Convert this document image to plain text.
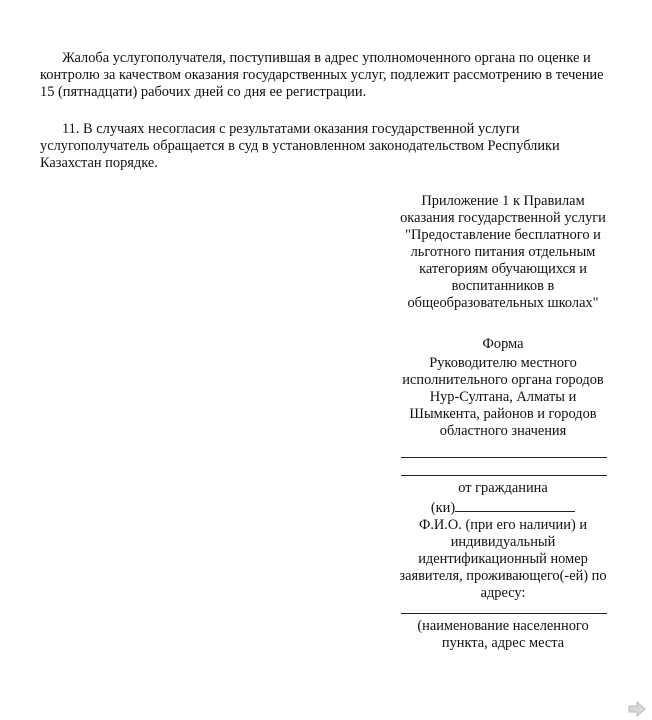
Жалоба услугополучателя, поступившая в адрес уполномоченного органа по оценке и контролю за качеством оказания государственных услуг, подлежит рассмотрению в течение 15 (пятнадцати) рабочих дней со дня ее регистрации.

11. В случаях несогласия с результатами оказания государственной услуги услугополучатель обращается в суд в установленном законодательством Республики Казахстан порядке.

Приложение 1 к Правилам оказания государственной услуги "Предоставление бесплатного и льготного питания отдельным категориям обучающихся и воспитанников в общеобразовательных школах"

Форма

Руководителю местного исполнительного органа городов Нур-Султана, Алматы и Шымкента, районов и городов областного значения

от гражданина
(ки)
Ф.И.О. (при его наличии) и индивидуальный идентификационный номер заявителя, проживающего(-ей) по адресу:

(наименование населенного пункта, адрес места
